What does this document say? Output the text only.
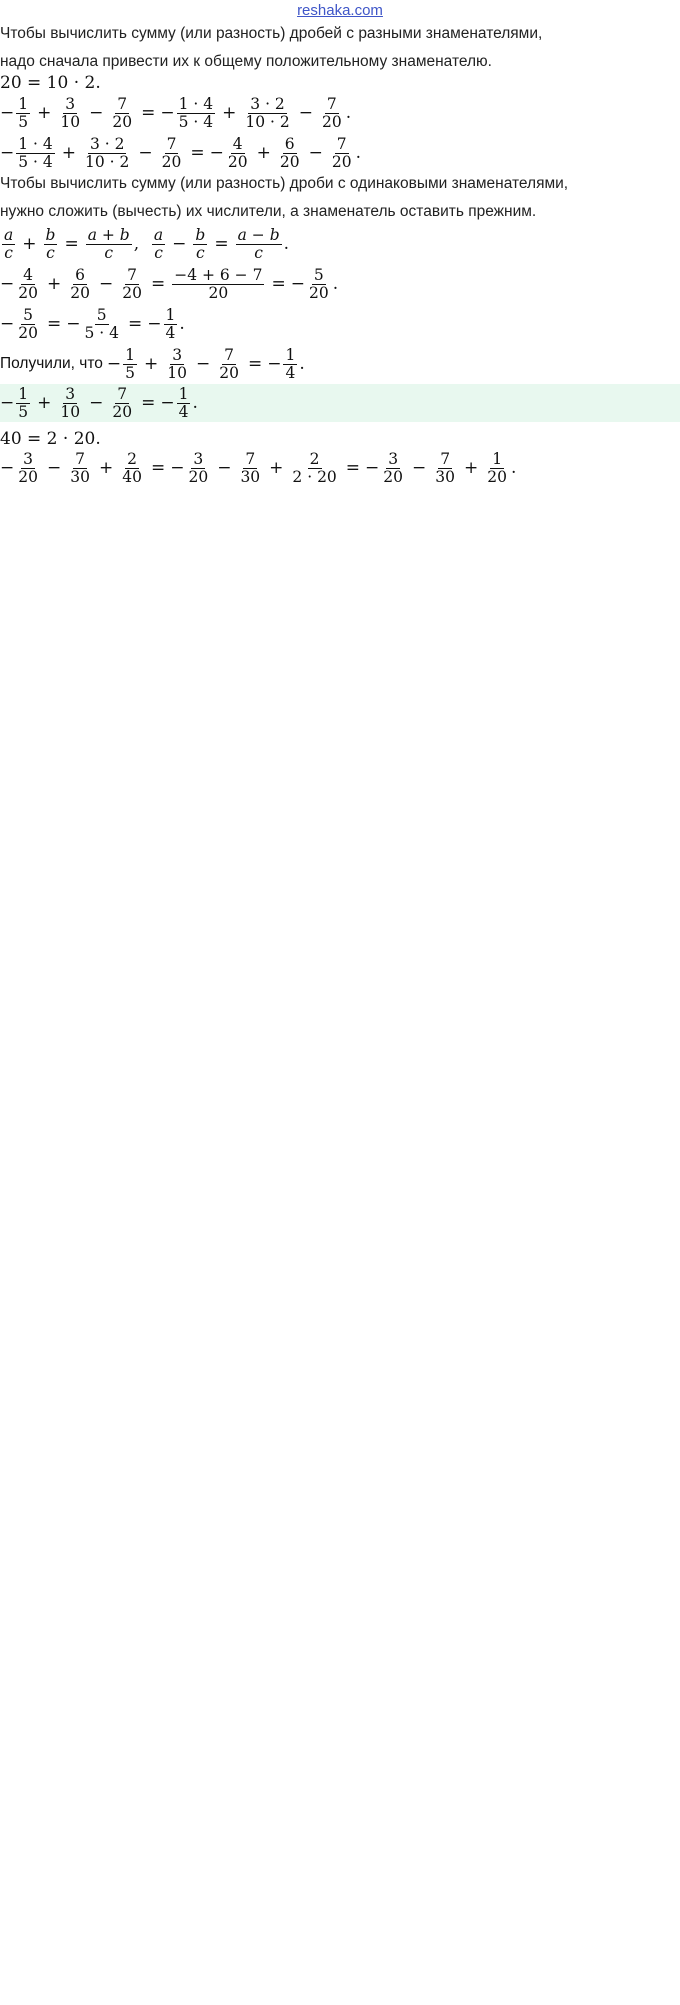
reshaka.com
Чтобы вычислить сумму (или разность) дробей с разными знаменателями,
надо сначала привести их к общему положительному знаменателю.
20 = 10 · 2.
− $\frac{1}{5} + \frac{3}{10} - \frac{7}{20}$ = − $\frac{1 \cdot 4}{5 \cdot 4} + \frac{3 \cdot 2}{10 \cdot 2} - \frac{7}{20}$ .
− $\frac{1 \cdot 4}{5 \cdot 4} + \frac{3 \cdot 2}{10 \cdot 2} - \frac{7}{20}$ = − $\frac{4}{20} + \frac{6}{20} - \frac{7}{20}$ .
Чтобы вычислить сумму (или разность) дроби с одинаковыми знаменателями,
нужно сложить (вычесть) их числители, а знаменатель оставить прежним.
$\frac{a}{c} + \frac{b}{c} = \frac{a + b}{c}$ , $\frac{a}{c} - \frac{b}{c} = \frac{a - b}{c}$ .
− $\frac{4}{20} + \frac{6}{20} - \frac{7}{20} = \frac{-4 + 6 - 7}{20}$ = − $\frac{5}{20}$ .
− $\frac{5}{20}$ = − $\frac{5}{5 \cdot 4}$ = − $\frac{1}{4}$ .
Получили, что − $\frac{1}{5} + \frac{3}{10} - \frac{7}{20}$ = − $\frac{1}{4}$ .
− $\frac{1}{5} + \frac{3}{10} - \frac{7}{20}$ = − $\frac{1}{4}$ .
40 = 2 · 20.
− $\frac{3}{20} - \frac{7}{30} + \frac{2}{40}$ = − $\frac{3}{20} - \frac{7}{30} + \frac{2}{2 \cdot 20}$ = − $\frac{3}{20} - \frac{7}{30} + \frac{1}{20}$ .
